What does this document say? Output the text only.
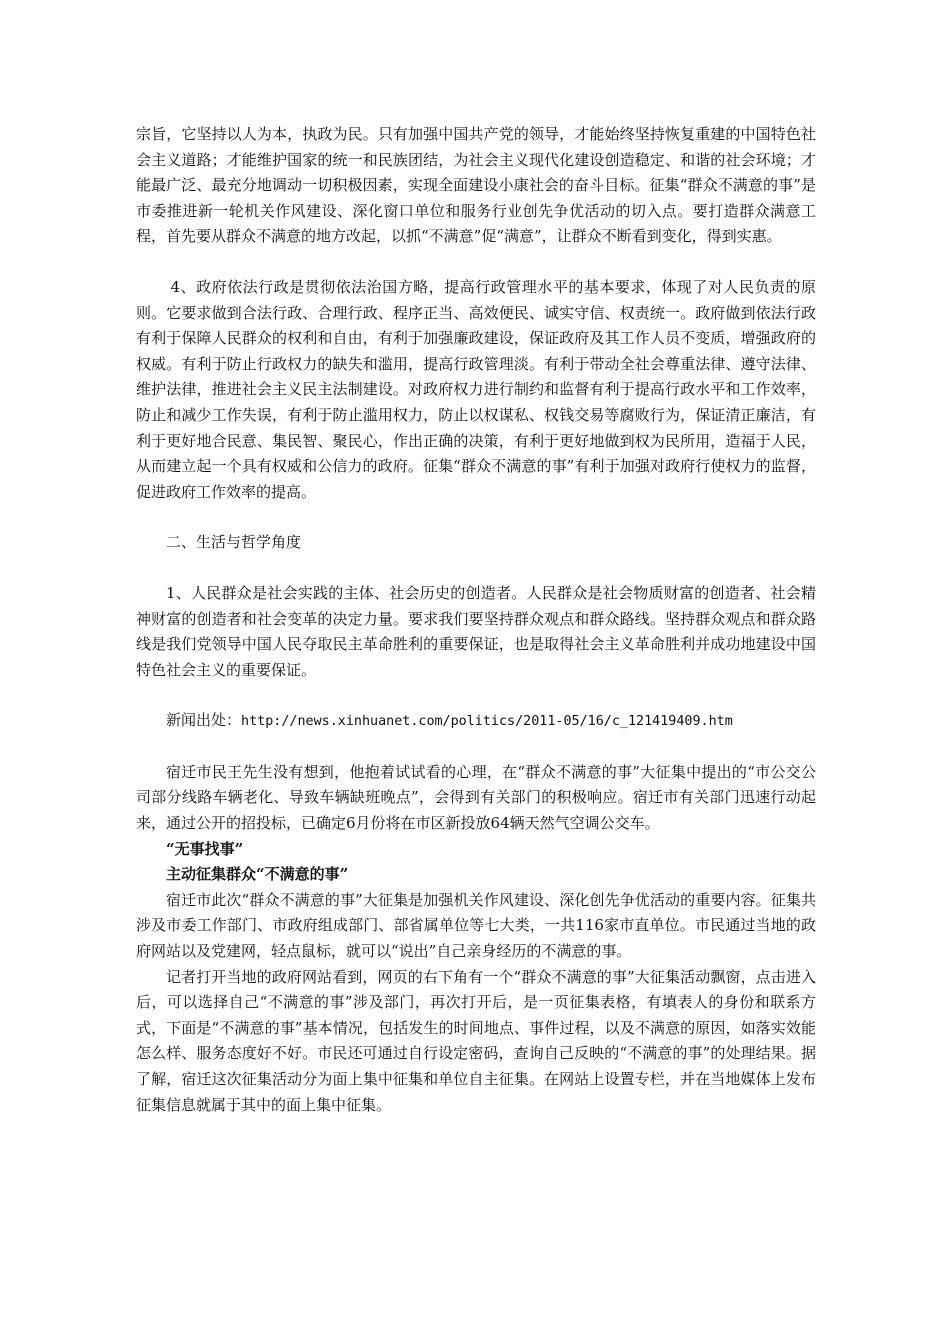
宗旨，它坚持以人为本，执政为民。只有加强中国共产党的领导，才能始终坚持恢复重建的中国特色社会主义道路；才能维护国家的统一和民族团结，为社会主义现代化建设创造稳定、和谐的社会环境；才能最广泛、最充分地调动一切积极因素，实现全面建设小康社会的奋斗目标。征集“群众不满意的事”是市委推进新一轮机关作风建设、深化窗口单位和服务行业创先争优活动的切入点。要打造群众满意工程，首先要从群众不满意的地方改起，以抓“不满意”促“满意”，让群众不断看到变化，得到实惠。

4、政府依法行政是贯彻依法治国方略，提高行政管理水平的基本要求，体现了对人民负责的原则。它要求做到合法行政、合理行政、程序正当、高效便民、诚实守信、权责统一。政府做到依法行政有利于保障人民群众的权利和自由，有利于加强廉政建设，保证政府及其工作人员不变质，增强政府的权威。有利于防止行政权力的缺失和滥用，提高行政管理淡。有利于带动全社会尊重法律、遵守法律、维护法律，推进社会主义民主法制建设。对政府权力进行制约和监督有利于提高行政水平和工作效率，防止和减少工作失误，有利于防止滥用权力，防止以权谋私、权钱交易等腐败行为，保证清正廉洁，有利于更好地合民意、集民智、聚民心，作出正确的决策，有利于更好地做到权为民所用，造福于人民，从而建立起一个具有权威和公信力的政府。征集“群众不满意的事”有利于加强对政府行使权力的监督，促进政府工作效率的提高。

二、生活与哲学角度

1、人民群众是社会实践的主体、社会历史的创造者。人民群众是社会物质财富的创造者、社会精神财富的创造者和社会变革的决定力量。要求我们要坚持群众观点和群众路线。坚持群众观点和群众路线是我们党领导中国人民夺取民主革命胜利的重要保证，也是取得社会主义革命胜利并成功地建设中国特色社会主义的重要保证。

新闻出处：http://news.xinhuanet.com/politics/2011-05/16/c_121419409.htm

宿迁市民王先生没有想到，他抱着试试看的心理，在“群众不满意的事”大征集中提出的“市公交公司部分线路车辆老化、导致车辆缺班晚点”，会得到有关部门的积极响应。宿迁市有关部门迅速行动起来，通过公开的招投标，已确定6月份将在市区新投放64辆天然气空调公交车。

“无事找事”

主动征集群众“不满意的事”

宿迁市此次“群众不满意的事”大征集是加强机关作风建设、深化创先争优活动的重要内容。征集共涉及市委工作部门、市政府组成部门、部省属单位等七大类，一共116家市直单位。市民通过当地的政府网站以及党建网，轻点鼠标，就可以“说出”自己亲身经历的不满意的事。

记者打开当地的政府网站看到，网页的右下角有一个“群众不满意的事”大征集活动飘窗，点击进入后，可以选择自己“不满意的事”涉及部门，再次打开后，是一页征集表格，有填表人的身份和联系方式，下面是“不满意的事”基本情况，包括发生的时间地点、事件过程，以及不满意的原因，如落实效能怎么样、服务态度好不好。市民还可通过自行设定密码，查询自己反映的“不满意的事”的处理结果。据了解，宿迁这次征集活动分为面上集中征集和单位自主征集。在网站上设置专栏，并在当地媒体上发布征集信息就属于其中的面上集中征集。
